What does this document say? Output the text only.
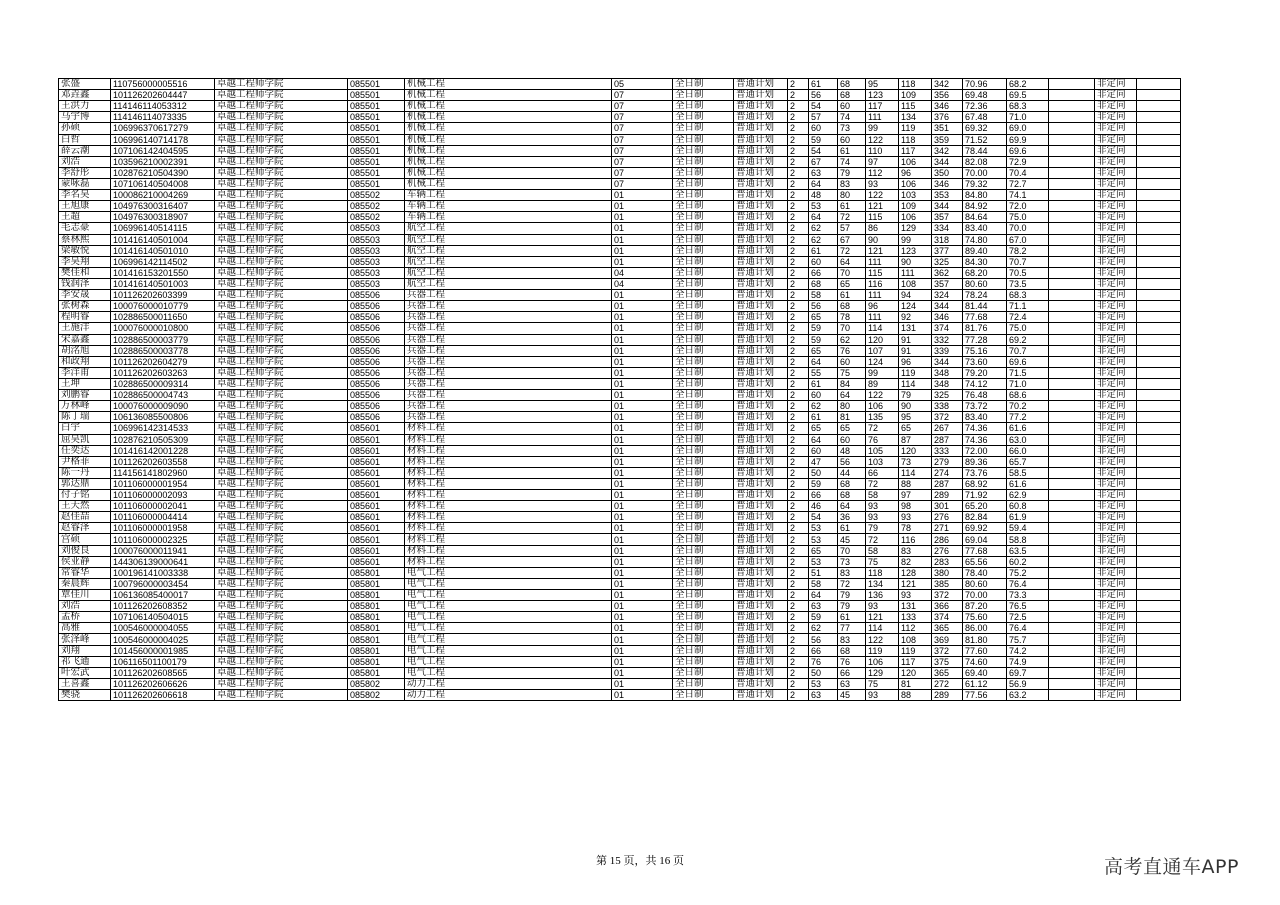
张盛	110756000005516	卓越工程师学院	085501	机械工程	05	全日制	普通计划	2	61	68	95	118	342	70.96	68.2		非定向	
邓垚鑫	101126202604447	卓越工程师学院	085501	机械工程	07	全日制	普通计划	2	56	68	123	109	356	69.48	69.5		非定向	
王洪力	114146114053312	卓越工程师学院	085501	机械工程	07	全日制	普通计划	2	54	60	117	115	346	72.36	68.3		非定向	
马宇博	114146114073335	卓越工程师学院	085501	机械工程	07	全日制	普通计划	2	57	74	111	134	376	67.48	71.0		非定向	
孙硕	106996370617279	卓越工程师学院	085501	机械工程	07	全日制	普通计划	2	60	73	99	119	351	69.32	69.0		非定向	
白哲	106996140714178	卓越工程师学院	085501	机械工程	07	全日制	普通计划	2	59	60	122	118	359	71.52	69.9		非定向	
薛云潮	107106142404595	卓越工程师学院	085501	机械工程	07	全日制	普通计划	2	54	61	110	117	342	78.44	69.6		非定向	
刘浩	103596210002391	卓越工程师学院	085501	机械工程	07	全日制	普通计划	2	67	74	97	106	344	82.08	72.9		非定向	
李舒彤	102876210504390	卓越工程师学院	085501	机械工程	07	全日制	普通计划	2	63	79	112	96	350	70.00	70.4		非定向	
蒙咏磊	107106140504008	卓越工程师学院	085501	机械工程	07	全日制	普通计划	2	64	83	93	106	346	79.32	72.7		非定向	
李名昊	100086210004269	卓越工程师学院	085502	车辆工程	01	全日制	普通计划	2	48	80	122	103	353	84.80	74.1		非定向	
王旭康	104976300316407	卓越工程师学院	085502	车辆工程	01	全日制	普通计划	2	53	61	121	109	344	84.92	72.0		非定向	
王超	104976300318907	卓越工程师学院	085502	车辆工程	01	全日制	普通计划	2	64	72	115	106	357	84.64	75.0		非定向	
毛志豪	106996140514115	卓越工程师学院	085503	航空工程	01	全日制	普通计划	2	62	57	86	129	334	83.40	70.0		非定向	
蔡林熙	101416140501004	卓越工程师学院	085503	航空工程	01	全日制	普通计划	2	62	67	90	99	318	74.80	67.0		非定向	
梁敏悦	101416140501010	卓越工程师学院	085503	航空工程	01	全日制	普通计划	2	61	72	121	123	377	89.40	78.2		非定向	
李昊翔	106996142114502	卓越工程师学院	085503	航空工程	01	全日制	普通计划	2	60	64	111	90	325	84.30	70.7		非定向	
樊佳和	101416153201550	卓越工程师学院	085503	航空工程	04	全日制	普通计划	2	66	70	115	111	362	68.20	70.5		非定向	
钱润泽	101416140501003	卓越工程师学院	085503	航空工程	04	全日制	普通计划	2	68	65	116	108	357	80.60	73.5		非定向	
李安晟	101126202603399	卓越工程师学院	085506	兵器工程	01	全日制	普通计划	2	58	61	111	94	324	78.24	68.3		非定向	
张树森	100076000010779	卓越工程师学院	085506	兵器工程	01	全日制	普通计划	2	56	68	96	124	344	81.44	71.1		非定向	
程明睿	102886500011650	卓越工程师学院	085506	兵器工程	01	全日制	普通计划	2	65	78	111	92	346	77.68	72.4		非定向	
王施洋	100076000010800	卓越工程师学院	085506	兵器工程	01	全日制	普通计划	2	59	70	114	131	374	81.76	75.0		非定向	
宋嘉鑫	102886500003779	卓越工程师学院	085506	兵器工程	01	全日制	普通计划	2	59	62	120	91	332	77.28	69.2		非定向	
胡洺旭	102886500003778	卓越工程师学院	085506	兵器工程	01	全日制	普通计划	2	65	76	107	91	339	75.16	70.7		非定向	
和政翔	101126202604279	卓越工程师学院	085506	兵器工程	01	全日制	普通计划	2	64	60	124	96	344	73.60	69.6		非定向	
李洋甫	101126202603263	卓越工程师学院	085506	兵器工程	01	全日制	普通计划	2	55	75	99	119	348	79.20	71.5		非定向	
王坤	102886500009314	卓越工程师学院	085506	兵器工程	01	全日制	普通计划	2	61	84	89	114	348	74.12	71.0		非定向	
刘鹏睿	102886500004743	卓越工程师学院	085506	兵器工程	01	全日制	普通计划	2	60	64	122	79	325	76.48	68.6		非定向	
万林峰	100076000009090	卓越工程师学院	085506	兵器工程	01	全日制	普通计划	2	62	80	106	90	338	73.72	70.2		非定向	
陈丁瑞	106136085500806	卓越工程师学院	085506	兵器工程	01	全日制	普通计划	2	61	81	135	95	372	83.40	77.2		非定向	
白宇	106996142314533	卓越工程师学院	085601	材料工程	01	全日制	普通计划	2	65	65	72	65	267	74.36	61.6		非定向	
屈昊凯	102876210505309	卓越工程师学院	085601	材料工程	01	全日制	普通计划	2	64	60	76	87	287	74.36	63.0		非定向	
任奕达	101416142001228	卓越工程师学院	085601	材料工程	01	全日制	普通计划	2	60	48	105	120	333	72.00	66.0		非定向	
尹格菲	101126202603558	卓越工程师学院	085601	材料工程	01	全日制	普通计划	2	47	56	103	73	279	89.36	65.7		非定向	
陈一丹	114156141802960	卓越工程师学院	085601	材料工程	01	全日制	普通计划	2	50	44	66	114	274	73.76	58.5		非定向	
郭达鼎	101106000001954	卓越工程师学院	085601	材料工程	01	全日制	普通计划	2	59	68	72	88	287	68.92	61.6		非定向	
付子铭	101106000002093	卓越工程师学院	085601	材料工程	01	全日制	普通计划	2	66	68	58	97	289	71.92	62.9		非定向	
王天然	101106000002041	卓越工程师学院	085601	材料工程	01	全日制	普通计划	2	46	64	93	98	301	65.20	60.8		非定向	
赵佳喆	101106000004414	卓越工程师学院	085601	材料工程	01	全日制	普通计划	2	54	36	93	93	276	82.84	61.9		非定向	
赵睿泽	101106000001958	卓越工程师学院	085601	材料工程	01	全日制	普通计划	2	53	61	79	78	271	69.92	59.4		非定向	
宫硕	101106000002325	卓越工程师学院	085601	材料工程	01	全日制	普通计划	2	53	45	72	116	286	69.04	58.8		非定向	
刘俊良	100076000011941	卓越工程师学院	085601	材料工程	01	全日制	普通计划	2	65	70	58	83	276	77.68	63.5		非定向	
侯亚静	144306139000641	卓越工程师学院	085601	材料工程	01	全日制	普通计划	2	53	73	75	82	283	65.56	60.2		非定向	
常睿华	100196141003338	卓越工程师学院	085801	电气工程	01	全日制	普通计划	2	51	83	118	128	380	78.40	75.2		非定向	
秦晨辉	100796000003454	卓越工程师学院	085801	电气工程	01	全日制	普通计划	2	58	72	134	121	385	80.60	76.4		非定向	
覃佳川	106136085400017	卓越工程师学院	085801	电气工程	01	全日制	普通计划	2	64	79	136	93	372	70.00	73.3		非定向	
刘浩	101126202608352	卓越工程师学院	085801	电气工程	01	全日制	普通计划	2	63	79	93	131	366	87.20	76.5		非定向	
孟桥	107106140504015	卓越工程师学院	085801	电气工程	01	全日制	普通计划	2	59	61	121	133	374	75.60	72.5		非定向	
高雅	100546000004055	卓越工程师学院	085801	电气工程	01	全日制	普通计划	2	62	77	114	112	365	86.00	76.4		非定向	
张泽峰	100546000004025	卓越工程师学院	085801	电气工程	01	全日制	普通计划	2	56	83	122	108	369	81.80	75.7		非定向	
刘翔	101456000001985	卓越工程师学院	085801	电气工程	01	全日制	普通计划	2	66	68	119	119	372	77.60	74.2		非定向	
祁飞通	106116501100179	卓越工程师学院	085801	电气工程	01	全日制	普通计划	2	76	76	106	117	375	74.60	74.9		非定向	
叶宏武	101126202608565	卓越工程师学院	085801	电气工程	01	全日制	普通计划	2	50	66	129	120	365	69.40	69.7		非定向	
王喜鑫	101126202606626	卓越工程师学院	085802	动力工程	01	全日制	普通计划	2	53	63	75	81	272	61.12	56.9		非定向	
樊骁	101126202606618	卓越工程师学院	085802	动力工程	01	全日制	普通计划	2	63	45	93	88	289	77.56	63.2		非定向	
第 15 页，共 16 页	高考直通车APP
